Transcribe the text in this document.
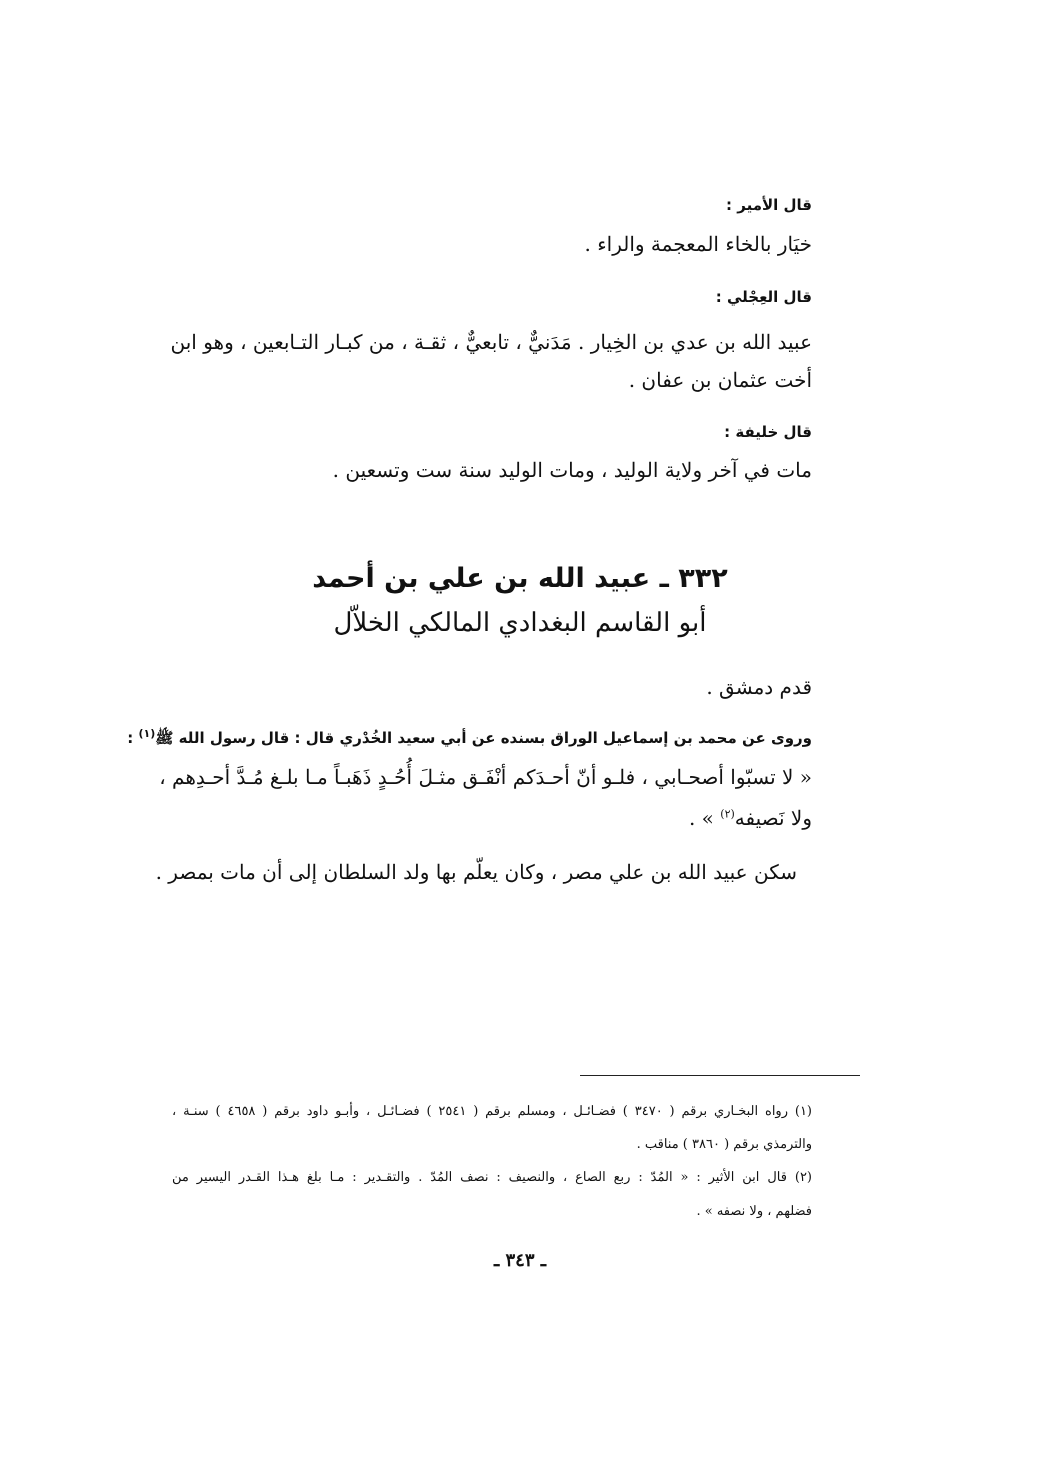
قال الأمير :
خيَار بالخاء المعجمة والراء .
قال العِجْلي :
عبيد الله بن عدي بن الخِيار . مَدَنيٌّ ، تابعيٌّ ، ثقـة ، من كبـار التـابعين ، وهو ابن
أخت عثمان بن عفان .
قال خليفة :
مات في آخر ولاية الوليد ، ومات الوليد سنة ست وتسعين .
٣٣٢ ـ عبيد الله بن علي بن أحمد
أبو القاسم البغدادي المالكي الخلاّل
قدم دمشق .
وروى عن محمد بن إسماعيل الوراق بسنده عن أبي سعيد الخُدْري قال : قال رسول الله ﷺ$^{(١)}$ :
« لا تسبّوا أصحـابي ، فلـو أنّ أحـدَكم أنْفَـق مثـلَ أُحُـدٍ ذَهَبـاً مـا بلـغ مُـدَّ أحـدِهم ،
ولا نَصيفه$^{(٢)}$ » .
سكن عبيد الله بن علي مصر ، وكان يعلّم بها ولد السلطان إلى أن مات بمصر .
(١) رواه البخـاري برقم ( ٣٤٧٠ ) فضـائـل ، ومسلم برقم ( ٢٥٤١ ) فضـائـل ، وأبـو داود برقم ( ٤٦٥٨ ) سنـة ،
والترمذي برقم ( ٣٨٦٠ ) مناقب .
(٢) قال ابن الأثير : « المُدّ : ربع الصاع ، والنصيف : نصف المُدّ . والتقـدير : مـا بلغ هـذا القـدر اليسير من
فضلهم ، ولا نصفه » .
ـ ٣٤٣ ـ
